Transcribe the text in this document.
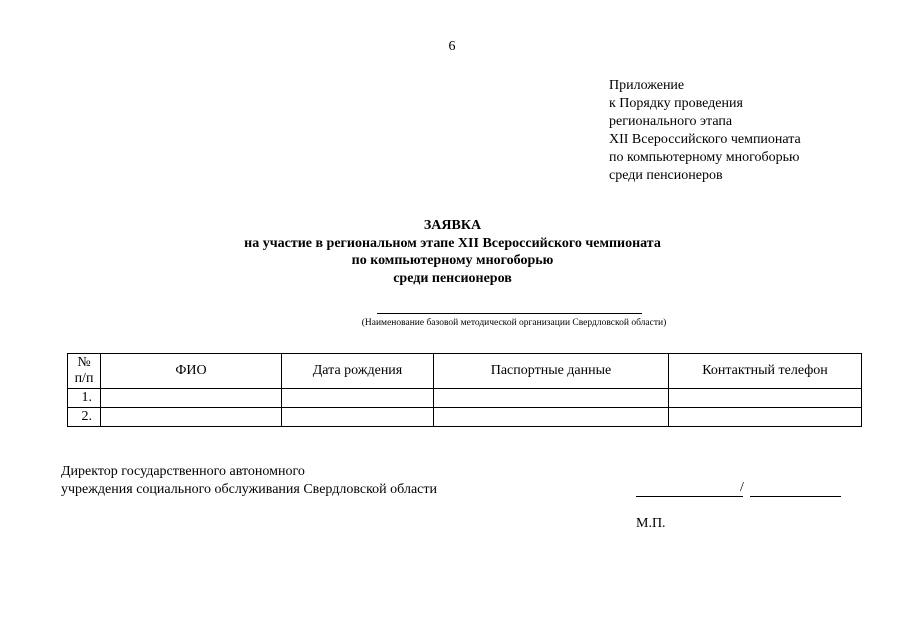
6
Приложение
к Порядку проведения
регионального этапа
XII Всероссийского чемпионата
по компьютерному многоборью
среди пенсионеров
ЗАЯВКА
на участие в региональном этапе XII Всероссийского чемпионата
по компьютерному многоборью
среди пенсионеров
(Наименование базовой методической организации Свердловской области)
№
п/п	ФИО	Дата рождения	Паспортные данные	Контактный телефон
1.				
2.				
Директор государственного автономного
учреждения социального обслуживания Свердловской области	/
М.П.
